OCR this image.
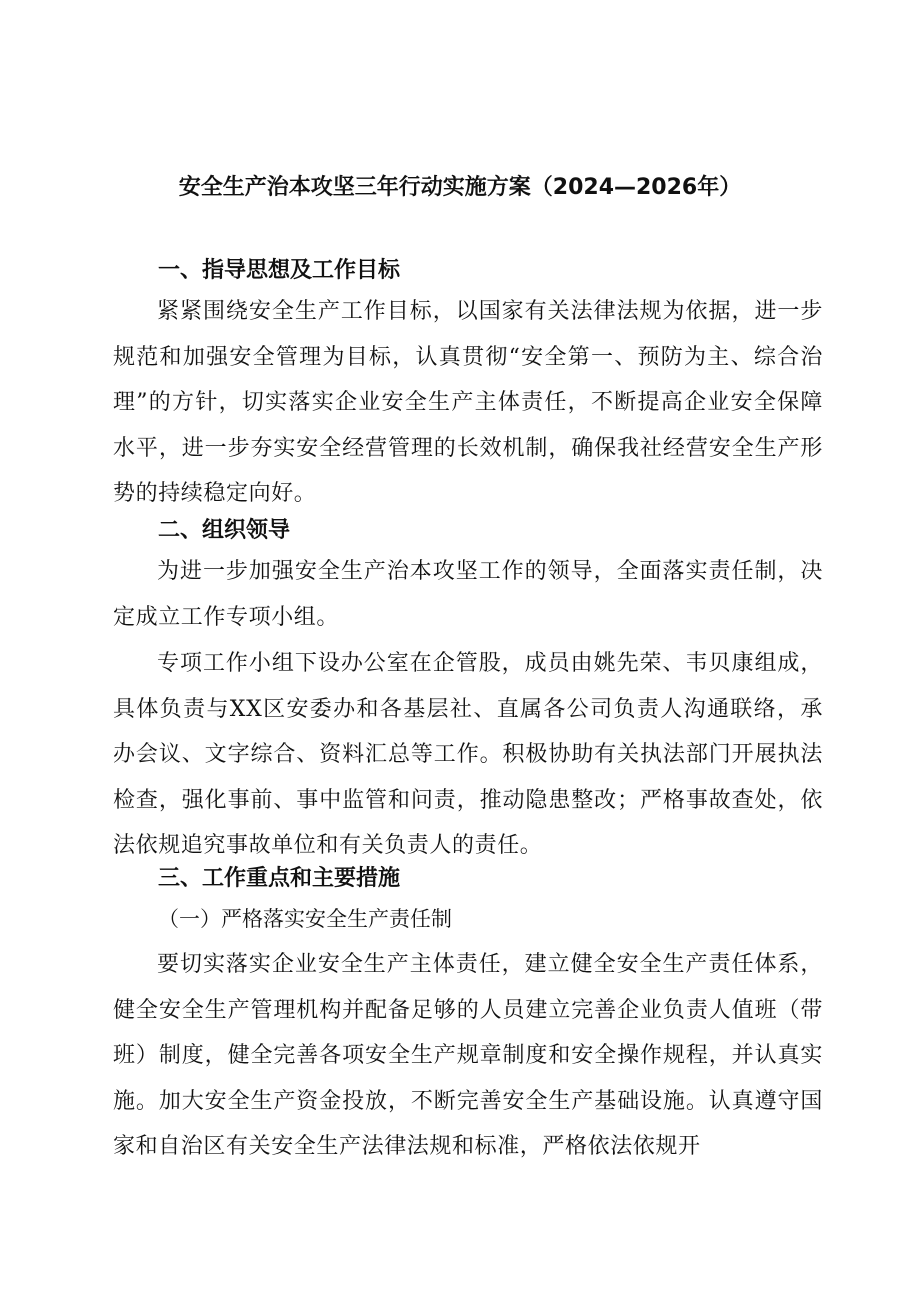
安全生产治本攻坚三年行动实施方案（2024—2026年）
一、指导思想及工作目标
紧紧围绕安全生产工作目标，以国家有关法律法规为依据，进一步规范和加强安全管理为目标，认真贯彻“安全第一、预防为主、综合治理”的方针，切实落实企业安全生产主体责任，不断提高企业安全保障水平，进一步夯实安全经营管理的长效机制，确保我社经营安全生产形势的持续稳定向好。
二、组织领导
为进一步加强安全生产治本攻坚工作的领导，全面落实责任制，决定成立工作专项小组。
专项工作小组下设办公室在企管股，成员由姚先荣、韦贝康组成，具体负责与XX区安委办和各基层社、直属各公司负责人沟通联络，承办会议、文字综合、资料汇总等工作。积极协助有关执法部门开展执法检查，强化事前、事中监管和问责，推动隐患整改；严格事故查处，依法依规追究事故单位和有关负责人的责任。
三、工作重点和主要措施
（一）严格落实安全生产责任制
要切实落实企业安全生产主体责任，建立健全安全生产责任体系，健全安全生产管理机构并配备足够的人员建立完善企业负责人值班（带班）制度，健全完善各项安全生产规章制度和安全操作规程，并认真实施。加大安全生产资金投放，不断完善安全生产基础设施。认真遵守国家和自治区有关安全生产法律法规和标准，严格依法依规开
